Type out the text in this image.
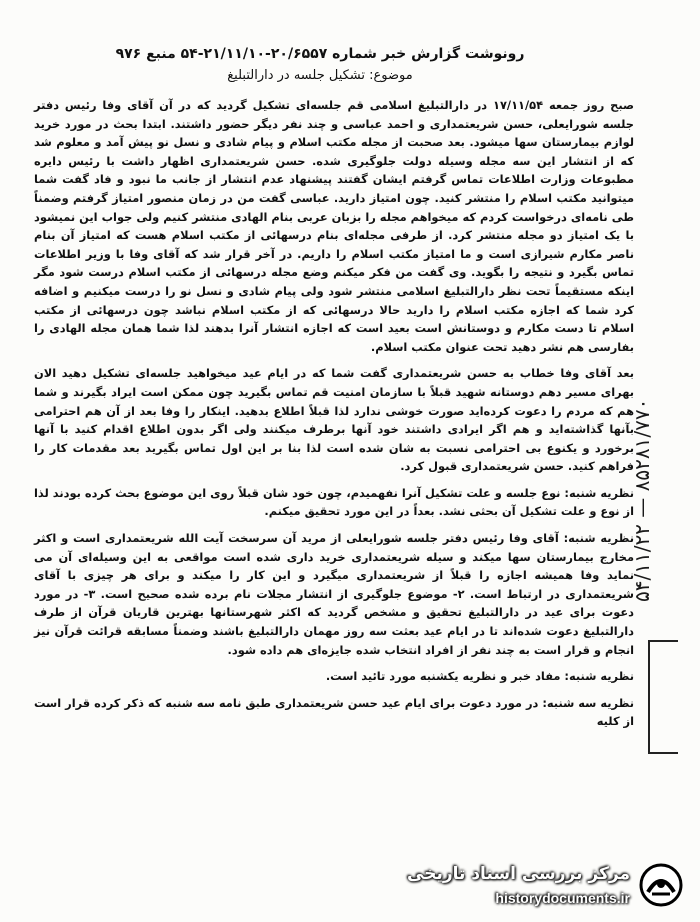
رونوشت گزارش خبر شماره ۲۰/۶۵۵۷-۲۱/۱۱/۱۰-۵۴ منبع ۹۷۶
موضوع: تشکیل جلسه در دارالتبلیغ

صبح روز جمعه ۱۷/۱۱/۵۴ در دارالتبلیغ اسلامی قم جلسه‌ای تشکیل گردید که در آن آقای وفا رئیس دفتر جلسه شورایعلی، حسن شریعتمداری و احمد عباسی و چند نفر دیگر حضور داشتند. ابتدا بحث در مورد خرید لوازم بیمارستان سها میشود. بعد صحبت از مجله مکتب اسلام و پیام شادی و نسل نو پیش آمد و معلوم شد که از انتشار این سه مجله وسیله دولت جلوگیری شده. حسن شریعتمداری اظهار داشت با رئیس دایره مطبوعات وزارت اطلاعات تماس گرفتم ایشان گفتند پیشنهاد عدم انتشار از جانب ما نبود و فاد گفت شما میتوانید مکتب اسلام را منتشر کنید. چون امتیاز دارید. عباسی گفت من در زمان منصور امتیاز گرفتم وضمناً طی نامه‌ای درخواست کردم که میخواهم مجله را بزبان عربی بنام الهادی منتشر کنیم ولی جواب این نمیشود با یک امتیاز دو مجله منتشر کرد. از طرفی مجله‌ای بنام درسهائی از مکتب اسلام هست که امتیاز آن بنام ناصر مکارم شیرازی است و ما امتیاز مکتب اسلام را داریم. در آخر قرار شد که آقای وفا با وزیر اطلاعات تماس بگیرد و نتیجه را بگوید. وی گفت من فکر میکنم وضع مجله درسهائی از مکتب اسلام درست شود مگر اینکه مستقیماً تحت نظر دارالتبلیغ اسلامی منتشر شود ولی پیام شادی و نسل نو را درست میکنیم و اضافه کرد شما که اجازه مکتب اسلام را دارید حالا درسهائی که از مکتب اسلام نباشد چون درسهائی از مکتب اسلام تا دست مکارم و دوستانش است بعید است که اجازه انتشار آنرا بدهند لذا شما همان مجله الهادی را بفارسی هم نشر دهید تحت عنوان مکتب اسلام.

بعد آقای وفا خطاب به حسن شریعتمداری گفت شما که در ایام عید میخواهید جلسه‌ای تشکیل دهید الان بهرای مسیر دهم دوستانه شهید قبلاً با سازمان امنیت قم تماس بگیرید چون ممکن است ایراد بگیرند و شما هم که مردم را دعوت کرده‌اید صورت خوشی ندارد لذا قبلاً اطلاع بدهید. اینکار را وفا بعد از آن هم احترامی بآنها گذاشته‌اید و هم اگر ایرادی داشتند خود آنها برطرف میکنند ولی اگر بدون اطلاع اقدام کنید با آنها برخورد و یکنوع بی احترامی نسبت به شان شده است لذا بنا بر این اول تماس بگیرید بعد مقدمات کار را فراهم کنید. حسن شریعتمداری قبول کرد.

نظریه شنبه: نوع جلسه و علت تشکیل آنرا نفهمیدم، چون خود شان قبلاً روی این موضوع بحث کرده بودند لذا از نوع و علت تشکیل آن بحثی نشد. بعداً در این مورد تحقیق میکنم.

نظریه شنبه: آقای وفا رئیس دفتر جلسه شورایعلی از مرید آن سرسخت آیت الله شریعتمداری است و اکثر مخارج بیمارستان سها میکند و سیله شریعتمداری خرید داری شده است مواقعی به این وسیله‌ای آن می نماید وفا همیشه اجازه را قبلاً از شریعتمداری میگیرد و این کار را میکند و برای هر چیزی با آقای شریعتمداری در ارتباط است. ۲- موضوع جلوگیری از انتشار مجلات نام برده شده صحیح است. ۳- در مورد دعوت برای عید در دارالتبلیغ تحقیق و مشخص گردید که اکثر شهرستانها بهترین قاریان قرآن از طرف دارالتبلیغ دعوت شده‌اند تا در ایام عید بعثت سه روز مهمان دارالتبلیغ باشند وضمناً مسابقه قرائت قرآن نیز انجام و قرار است به چند نفر از افراد انتخاب شده جایزه‌ای هم داده شود.

نظریه شنبه: مفاد خبر و نظریه یکشنبه مورد تائید است.

نظریه سه شنبه: در مورد دعوت برای ایام عید حسن شریعتمداری طبق نامه سه شنبه که ذکر کرده قرار است از کلیه

۸۵۲۸۱/۷۷۰ — ۵۴/۱۱/۲۲
مرکز بررسی اسناد تاریخی
historydocuments.ir
